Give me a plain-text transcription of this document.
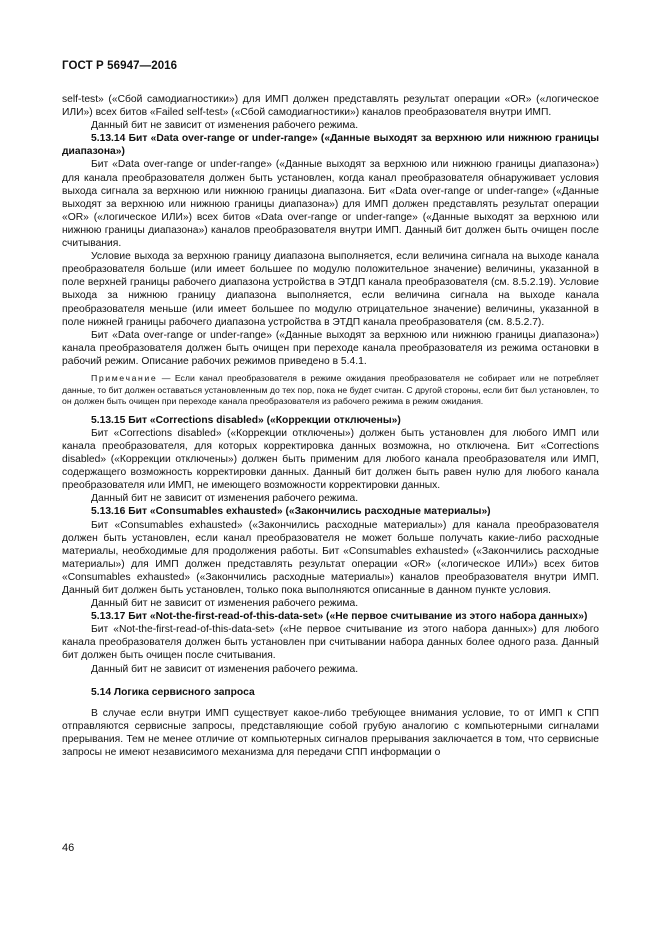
ГОСТ Р 56947—2016

self-test» («Сбой самодиагностики») для ИМП должен представлять результат операции «OR» («логическое ИЛИ») всех битов «Failed self-test» («Сбой самодиагностики») каналов преобразователя внутри ИМП.

Данный бит не зависит от изменения рабочего режима.

5.13.14 Бит «Data over-range or under-range» («Данные выходят за верхнюю или нижнюю границы диапазона»)

Бит «Data over-range or under-range» («Данные выходят за верхнюю или нижнюю границы диапазона») для канала преобразователя должен быть установлен, когда канал преобразователя обнаруживает условия выхода сигнала за верхнюю или нижнюю границы диапазона. Бит «Data over-range or under-range» («Данные выходят за верхнюю или нижнюю границы диапазона») для ИМП должен представлять результат операции «OR» («логическое ИЛИ») всех битов «Data over-range or under-range» («Данные выходят за верхнюю или нижнюю границы диапазона») каналов преобразователя внутри ИМП. Данный бит должен быть очищен после считывания.

Условие выхода за верхнюю границу диапазона выполняется, если величина сигнала на выходе канала преобразователя больше (или имеет большее по модулю положительное значение) величины, указанной в поле верхней границы рабочего диапазона устройства в ЭТДП канала преобразователя (см. 8.5.2.19). Условие выхода за нижнюю границу диапазона выполняется, если величина сигнала на выходе канала преобразователя меньше (или имеет большее по модулю отрицательное значение) величины, указанной в поле нижней границы рабочего диапазона устройства в ЭТДП канала преобразователя (см. 8.5.2.7).

Бит «Data over-range or under-range» («Данные выходят за верхнюю или нижнюю границы диапазона») канала преобразователя должен быть очищен при переходе канала преобразователя из режима остановки в рабочий режим. Описание рабочих режимов приведено в 5.4.1.

Примечание — Если канал преобразователя в режиме ожидания преобразователя не собирает или не потребляет данные, то бит должен оставаться установленным до тех пор, пока не будет считан. С другой стороны, если бит был установлен, то он должен быть очищен при переходе канала преобразователя из рабочего режима в режим ожидания.

5.13.15 Бит «Corrections disabled» («Коррекции отключены»)

Бит «Corrections disabled» («Коррекции отключены») должен быть установлен для любого ИМП или канала преобразователя, для которых корректировка данных возможна, но отключена. Бит «Corrections disabled» («Коррекции отключены») должен быть применим для любого канала преобразователя или ИМП, содержащего возможность корректировки данных. Данный бит должен быть равен нулю для любого канала преобразователя или ИМП, не имеющего возможности корректировки данных.

Данный бит не зависит от изменения рабочего режима.

5.13.16 Бит «Consumables exhausted» («Закончились расходные материалы»)

Бит «Consumables exhausted» («Закончились расходные материалы») для канала преобразователя должен быть установлен, если канал преобразователя не может больше получать какие-либо расходные материалы, необходимые для продолжения работы. Бит «Consumables exhausted» («Закончились расходные материалы») для ИМП должен представлять результат операции «OR» («логическое ИЛИ») всех битов «Consumables exhausted» («Закончились расходные материалы») каналов преобразователя внутри ИМП. Данный бит должен быть установлен, только пока выполняются описанные в данном пункте условия.

Данный бит не зависит от изменения рабочего режима.

5.13.17 Бит «Not-the-first-read-of-this-data-set» («Не первое считывание из этого набора данных»)

Бит «Not-the-first-read-of-this-data-set» («Не первое считывание из этого набора данных») для любого канала преобразователя должен быть установлен при считывании набора данных более одного раза. Данный бит должен быть очищен после считывания.

Данный бит не зависит от изменения рабочего режима.

5.14 Логика сервисного запроса

В случае если внутри ИМП существует какое-либо требующее внимания условие, то от ИМП к СПП отправляются сервисные запросы, представляющие собой грубую аналогию с компьютерными сигналами прерывания. Тем не менее отличие от компьютерных сигналов прерывания заключается в том, что сервисные запросы не имеют независимого механизма для передачи СПП информации о

46
